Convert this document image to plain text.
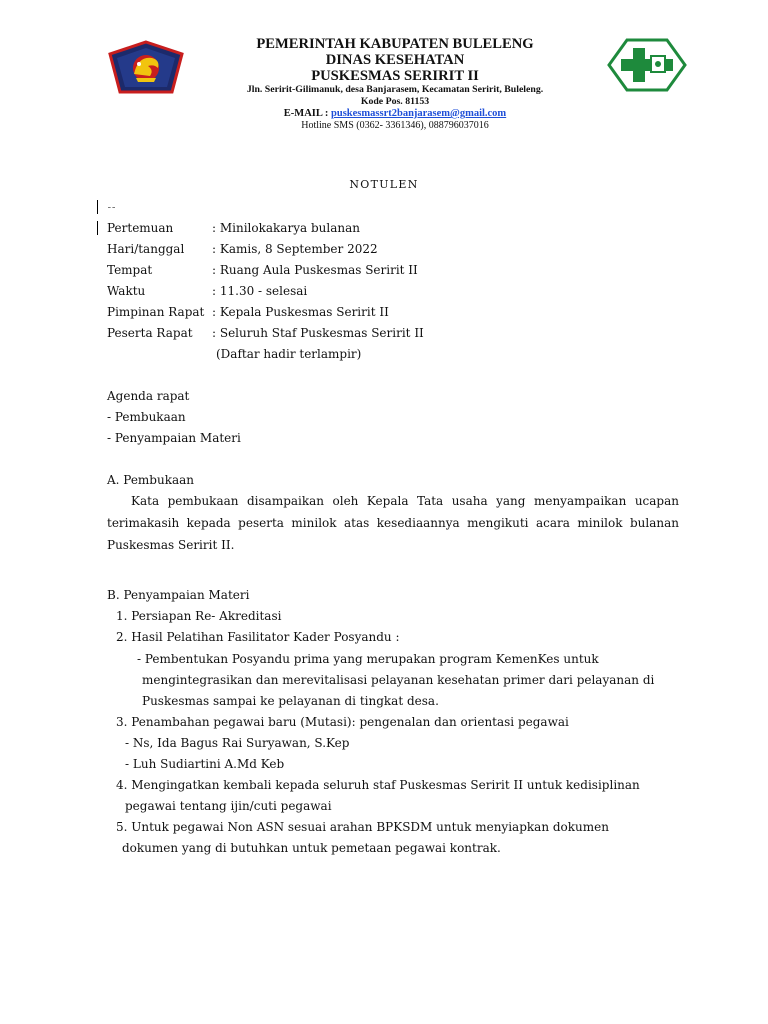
PEMERINTAH KABUPATEN BULELENG
DINAS KESEHATAN
PUSKESMAS SERIRIT II
Jln. Seririt-Gilimanuk, desa Banjarasem, Kecamatan Seririt, Buleleng.
Kode Pos. 81153
E-MAIL : puskesmassrt2banjarasem@gmail.com
Hotline SMS (0362- 3361346), 088796037016
NOTULEN
Pertemuan	: Minilokakarya bulanan
Hari/tanggal : Kamis, 8 September 2022
Tempat	: Ruang Aula Puskesmas Seririt II
Waktu	: 11.30 - selesai
Pimpinan Rapat : Kepala Puskesmas Seririt II
Peserta Rapat : Seluruh Staf Puskesmas Seririt II
(Daftar hadir terlampir)
Agenda rapat
- Pembukaan
- Penyampaian Materi
A. Pembukaan
Kata pembukaan disampaikan oleh Kepala Tata usaha yang menyampaikan ucapan terimakasih kepada peserta minilok atas kesediaannya mengikuti acara minilok bulanan Puskesmas Seririt II.
B. Penyampaian Materi
1. Persiapan Re- Akreditasi
2. Hasil Pelatihan Fasilitator Kader Posyandu :
- Pembentukan Posyandu prima yang merupakan program KemenKes untuk
mengintegrasikan dan merevitalisasi pelayanan kesehatan primer dari pelayanan di
Puskesmas sampai ke pelayanan di tingkat desa.
3. Penambahan pegawai baru (Mutasi): pengenalan dan orientasi pegawai
- Ns, Ida Bagus Rai Suryawan, S.Kep
- Luh Sudiartini A.Md Keb
4. Mengingatkan kembali kepada seluruh staf Puskesmas Seririt II untuk kedisiplinan
pegawai tentang ijin/cuti pegawai
5. Untuk pegawai Non ASN sesuai arahan BPKSDM untuk menyiapkan dokumen
dokumen yang di butuhkan untuk pemetaan pegawai kontrak.
